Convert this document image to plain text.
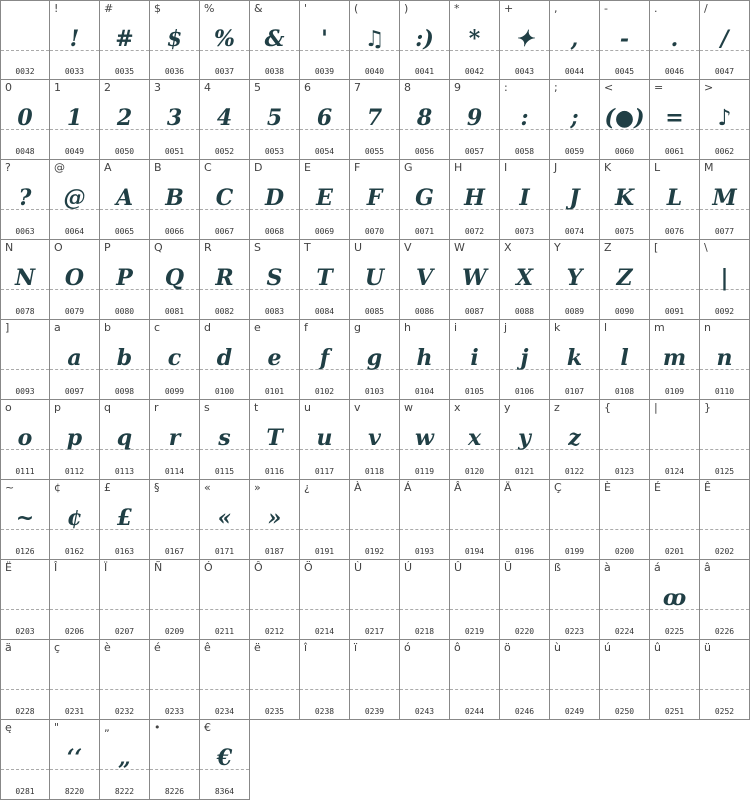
0032
!
!
0033
#
#
0035
$
$
0036
%
%
0037
&
&
0038
'
'
0039
(
♫
0040
)
:)
0041
*
*
0042
+
✦
0043
,
,
0044
-
-
0045
.
.
0046
/
/
0047
0
0
0048
1
1
0049
2
2
0050
3
3
0051
4
4
0052
5
5
0053
6
6
0054
7
7
0055
8
8
0056
9
9
0057
:
:
0058
;
;
0059
<
(●)
0060
=
=
0061
>
♪
0062
?
?
0063
@
@
0064
A
A
0065
B
B
0066
C
C
0067
D
D
0068
E
E
0069
F
F
0070
G
G
0071
H
H
0072
I
I
0073
J
J
0074
K
K
0075
L
L
0076
M
M
0077
N
N
0078
O
O
0079
P
P
0080
Q
Q
0081
R
R
0082
S
S
0083
T
T
0084
U
U
0085
V
V
0086
W
W
0087
X
X
0088
Y
Y
0089
Z
Z
0090
[
0091
\
|
0092
]
0093
a
a
0097
b
b
0098
c
c
0099
d
d
0100
e
e
0101
f
f
0102
g
g
0103
h
h
0104
i
i
0105
j
j
0106
k
k
0107
l
l
0108
m
m
0109
n
n
0110
o
o
0111
p
p
0112
q
q
0113
r
r
0114
s
s
0115
t
T
0116
u
u
0117
v
v
0118
w
w
0119
x
x
0120
y
y
0121
z
z
0122
{
0123
|
0124
}
0125
~
~
0126
¢
¢
0162
£
£
0163
§
0167
«
«
0171
»
»
0187
¿
0191
À
0192
Á
0193
Â
0194
Ä
0196
Ç
0199
È
0200
É
0201
Ê
0202
Ë
0203
Î
0206
Ï
0207
Ñ
0209
Ó
0211
Ô
0212
Ö
0214
Ù
0217
Ú
0218
Û
0219
Ü
0220
ß
0223
à
0224
á
ꝏ
0225
â
0226
ä
0228
ç
0231
è
0232
é
0233
ê
0234
ë
0235
î
0238
ï
0239
ó
0243
ô
0244
ö
0246
ù
0249
ú
0250
û
0251
ü
0252
ę
0281
"
‘‘
8220
„
„
8222
•
8226
€
€
8364
